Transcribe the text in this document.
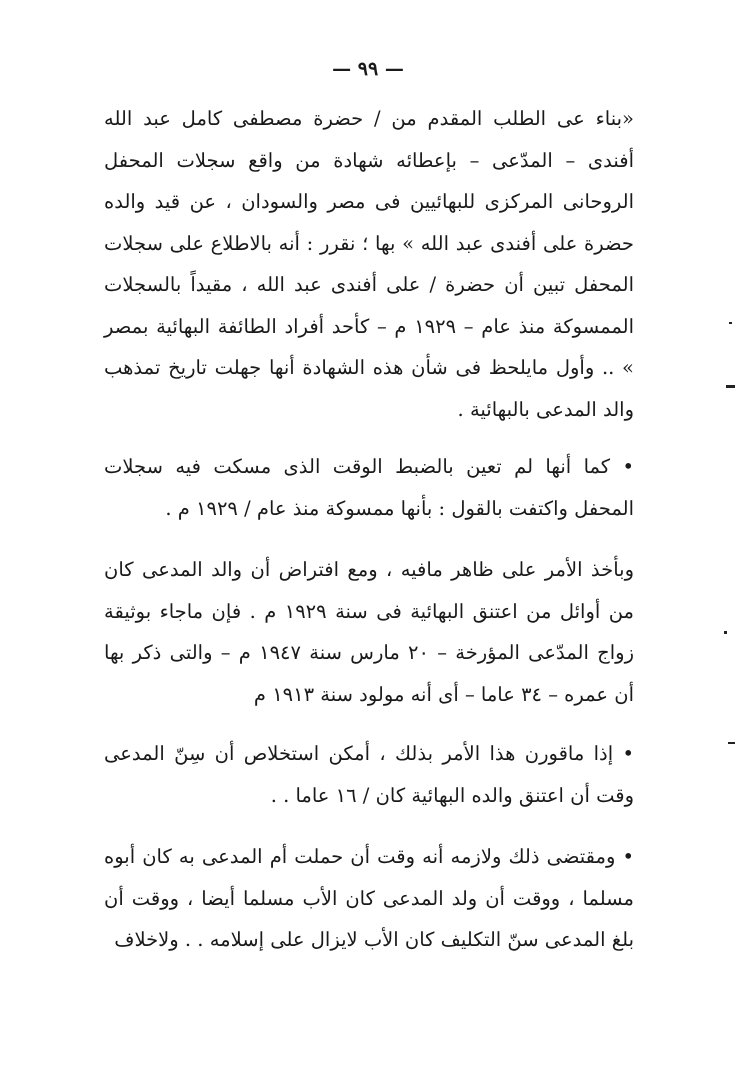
— ٩٩ —

«بناء عى الطلب المقدم من / حضرة مصطفى كامل عبد الله أفندى – المدّعى – بإعطائه شهادة من واقع سجلات المحفل الروحانى المركزى للبهائيين فى مصر والسودان ، عن قيد والده حضرة على أفندى عبد الله » بها ؛ نقرر : أنه بالاطلاع على سجلات المحفل تبين أن حضرة / على أفندى عبد الله ، مقيداً بالسجلات الممسوكة منذ عام – ١٩٢٩ م – كأحد أفراد الطائفة البهائية بمصر » .. وأول مايلحظ فى شأن هذه الشهادة أنها جهلت تاريخ تمذهب والد المدعى بالبهائية .

• كما أنها لم تعين بالضبط الوقت الذى مسكت فيه سجلات المحفل واكتفت بالقول : بأنها ممسوكة منذ عام / ١٩٢٩ م .

وبأخذ الأمر على ظاهر مافيه ، ومع افتراض أن والد المدعى كان من أوائل من اعتنق البهائية فى سنة ١٩٢٩ م . فإن ماجاء بوثيقة زواج المدّعى المؤرخة – ٢٠ مارس سنة ١٩٤٧ م – والتى ذكر بها أن عمره – ٣٤ عاما – أى أنه مولود سنة ١٩١٣ م

• إذا ماقورن هذا الأمر بذلك ، أمكن استخلاص أن سِنّ المدعى وقت أن اعتنق والده البهائية كان / ١٦ عاما . .

• ومقتضى ذلك ولازمه أنه وقت أن حملت أم المدعى به كان أبوه مسلما ، ووقت أن ولد المدعى كان الأب مسلما أيضا ، ووقت أن بلغ المدعى سنّ التكليف كان الأب لايزال على إسلامه . . ولاخلاف
